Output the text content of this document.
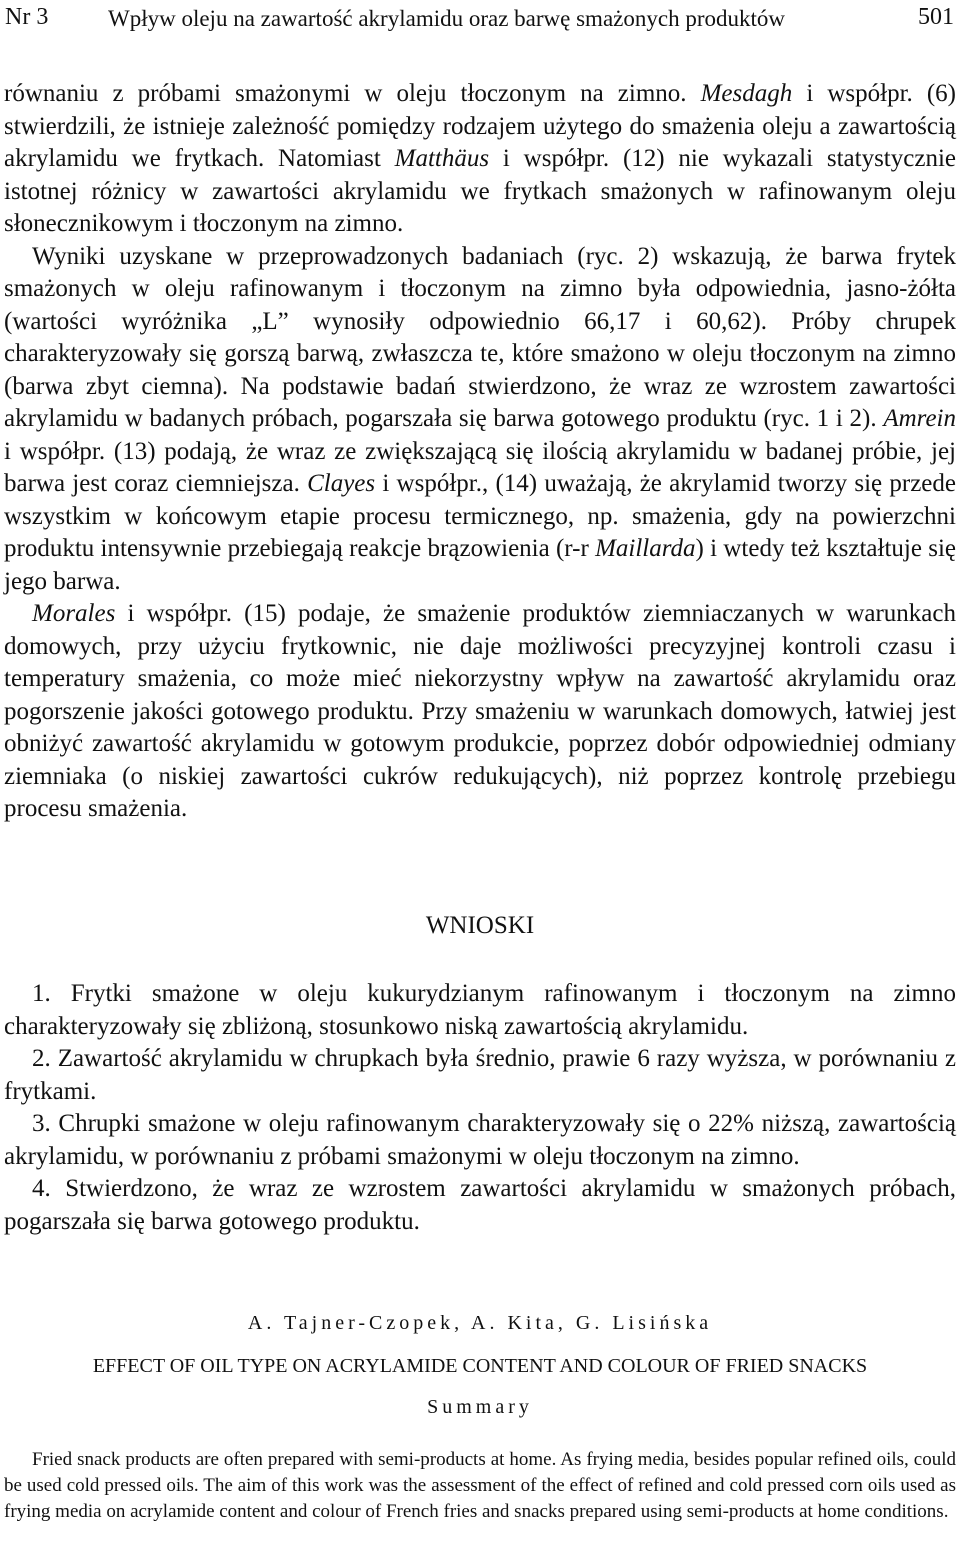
Nr 3	Wpływ oleju na zawartość akrylamidu oraz barwę smażonych produktów	501

równaniu z próbami smażonymi w oleju tłoczonym na zimno. Mesdagh i współpr. (6) stwierdzili, że istnieje zależność pomiędzy rodzajem użytego do smażenia oleju a zawartością akrylamidu we frytkach. Natomiast Matthäus i współpr. (12) nie wykazali statystycznie istotnej różnicy w zawartości akrylamidu we frytkach smażonych w rafinowanym oleju słonecznikowym i tłoczonym na zimno.

Wyniki uzyskane w przeprowadzonych badaniach (ryc. 2) wskazują, że barwa frytek smażonych w oleju rafinowanym i tłoczonym na zimno była odpowiednia, jasno-żółta (wartości wyróżnika „L” wynosiły odpowiednio 66,17 i 60,62). Próby chrupek charakteryzowały się gorszą barwą, zwłaszcza te, które smażono w oleju tłoczonym na zimno (barwa zbyt ciemna). Na podstawie badań stwierdzono, że wraz ze wzrostem zawartości akrylamidu w badanych próbach, pogarszała się barwa gotowego produktu (ryc. 1 i 2). Amrein i współpr. (13) podają, że wraz ze zwiększającą się ilością akrylamidu w badanej próbie, jej barwa jest coraz ciemniejsza. Clayes i współpr., (14) uważają, że akrylamid tworzy się przede wszystkim w końcowym etapie procesu termicznego, np. smażenia, gdy na powierzchni produktu intensywnie przebiegają reakcje brązowienia (r-r Maillarda) i wtedy też kształtuje się jego barwa.

Morales i współpr. (15) podaje, że smażenie produktów ziemniaczanych w warunkach domowych, przy użyciu frytkownic, nie daje możliwości precyzyjnej kontroli czasu i temperatury smażenia, co może mieć niekorzystny wpływ na zawartość akrylamidu oraz pogorszenie jakości gotowego produktu. Przy smażeniu w warunkach domowych, łatwiej jest obniżyć zawartość akrylamidu w gotowym produkcie, poprzez dobór odpowiedniej odmiany ziemniaka (o niskiej zawartości cukrów redukujących), niż poprzez kontrolę przebiegu procesu smażenia.

WNIOSKI

1. Frytki smażone w oleju kukurydzianym rafinowanym i tłoczonym na zimno charakteryzowały się zbliżoną, stosunkowo niską zawartością akrylamidu.

2. Zawartość akrylamidu w chrupkach była średnio, prawie 6 razy wyższa, w porównaniu z frytkami.

3. Chrupki smażone w oleju rafinowanym charakteryzowały się o 22% niższą, zawartością akrylamidu, w porównaniu z próbami smażonymi w oleju tłoczonym na zimno.

4. Stwierdzono, że wraz ze wzrostem zawartości akrylamidu w smażonych próbach, pogarszała się barwa gotowego produktu.

A. Tajner-Czopek, A. Kita, G. Lisińska
EFFECT OF OIL TYPE ON ACRYLAMIDE CONTENT AND COLOUR OF FRIED SNACKS
Summary

Fried snack products are often prepared with semi-products at home. As frying media, besides popular refined oils, could be used cold pressed oils. The aim of this work was the assessment of the effect of refined and cold pressed corn oils used as frying media on acrylamide content and colour of French fries and snacks prepared using semi-products at home conditions.
